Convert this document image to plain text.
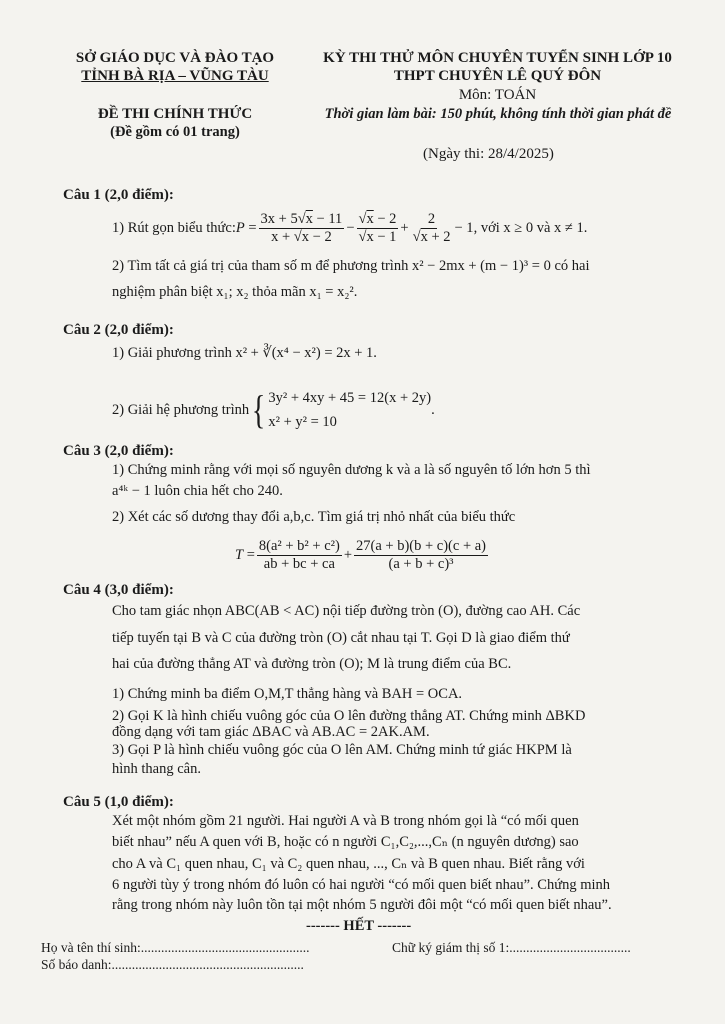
SỞ GIÁO DỤC VÀ ĐÀO TẠO
TỈNH BÀ RỊA – VŨNG TÀU
ĐỀ THI CHÍNH THỨC
(Đề gồm có 01 trang)
KỲ THI THỬ MÔN CHUYÊN TUYỂN SINH LỚP 10
THPT CHUYÊN LÊ QUÝ ĐÔN
Môn: TOÁN
Thời gian làm bài: 150 phút, không tính thời gian phát đề
(Ngày thi: 28/4/2025)
Câu 1 (2,0 điểm):
1) Rút gọn biểu thức: $P = \frac{3x + 5√x - 11}{x + √x - 2} - \frac{√x - 2}{√x - 1} + \frac{2}{√x + 2} - 1$ , với x ≥ 0 và x ≠ 1.
2) Tìm tất cả giá trị của tham số m để phương trình x² − 2mx + (m − 1)³ = 0 có hai
nghiệm phân biệt x₁; x₂ thỏa mãn x₁ = x₂².
Câu 2 (2,0 điểm):
1) Giải phương trình x² + ∛(x⁴ − x²) = 2x + 1.
2) Giải hệ phương trình { 3y² + 4xy + 45 = 12(x + 2y)
x² + y² = 10
.
Câu 3 (2,0 điểm):
1) Chứng minh rằng với mọi số nguyên dương k và a là số nguyên tố lớn hơn 5 thì
a⁴ᵏ − 1 luôn chia hết cho 240.
2) Xét các số dương thay đổi a,b,c. Tìm giá trị nhỏ nhất của biểu thức
$T = \frac{\text{8(a² + b² + c²)}}{ab + bc + ca} + \frac{27(a + b)(b + c)(c + a)}{\text{(a + b + c)³}}$
Câu 4 (3,0 điểm):
Cho tam giác nhọn ABC(AB < AC) nội tiếp đường tròn (O), đường cao AH. Các
tiếp tuyến tại B và C của đường tròn (O) cắt nhau tại T. Gọi D là giao điểm thứ
hai của đường thẳng AT và đường tròn (O); M là trung điểm của BC.
1) Chứng minh ba điểm O,M,T thẳng hàng và BAH = OCA.
2) Gọi K là hình chiếu vuông góc của O lên đường thẳng AT. Chứng minh ΔBKD
đồng dạng với tam giác ΔBAC và AB.AC = 2AK.AM.
3) Gọi P là hình chiếu vuông góc của O lên AM. Chứng minh tứ giác HKPM là
hình thang cân.
Câu 5 (1,0 điểm):
Xét một nhóm gồm 21 người. Hai người A và B trong nhóm gọi là “có mối quen
biết nhau” nếu A quen với B, hoặc có n người C₁,C₂,...,Cₙ (n nguyên dương) sao
cho A và C₁ quen nhau, C₁ và C₂ quen nhau, ..., Cₙ và B quen nhau. Biết rằng với
6 người tùy ý trong nhóm đó luôn có hai người “có mối quen biết nhau”. Chứng minh
rằng trong nhóm này luôn tồn tại một nhóm 5 người đôi một “có mối quen biết nhau”.
------- HẾT -------
Họ và tên thí sinh:..................................................	Chữ ký giám thị số 1:....................................
Số báo danh:.........................................................
